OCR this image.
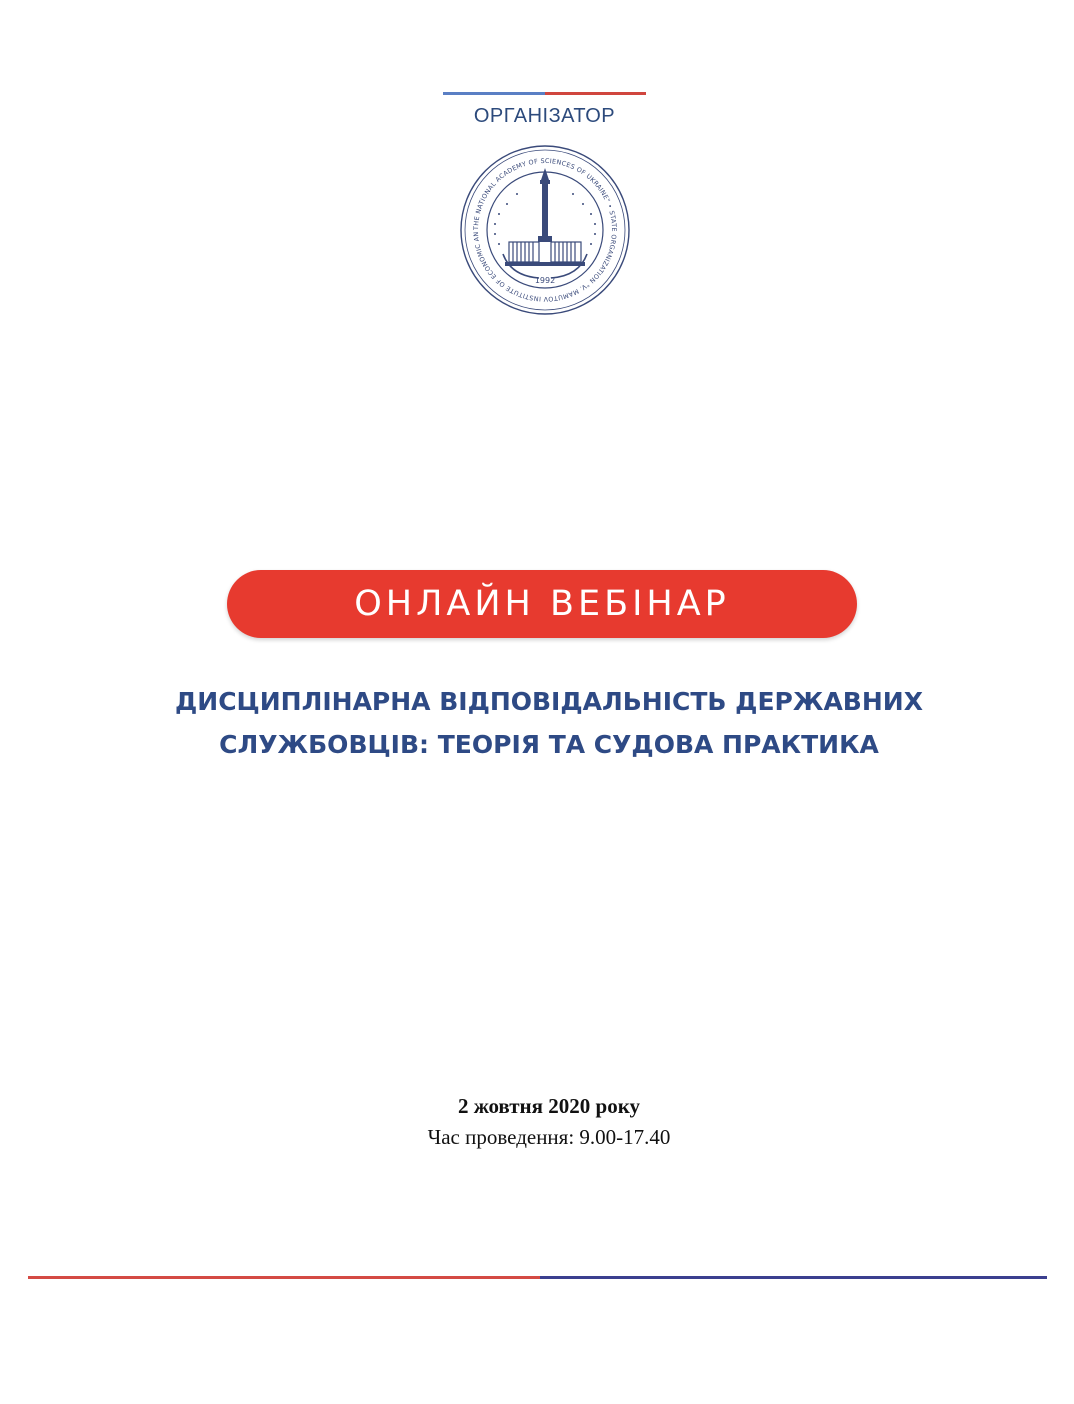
ОРГАНІЗАТОР
THE NATIONAL ACADEMY OF SCIENCES OF UKRAINE" • STATE ORGANIZATION "V. MAMUTOV INSTITUTE OF ECONOMIC AN
1992
ОНЛАЙН ВЕБІНАР
ДИСЦИПЛІНАРНА ВІДПОВІДАЛЬНІСТЬ ДЕРЖАВНИХ
СЛУЖБОВЦІВ: ТЕОРІЯ ТА СУДОВА ПРАКТИКА
2 жовтня 2020 року
Час проведення: 9.00-17.40
